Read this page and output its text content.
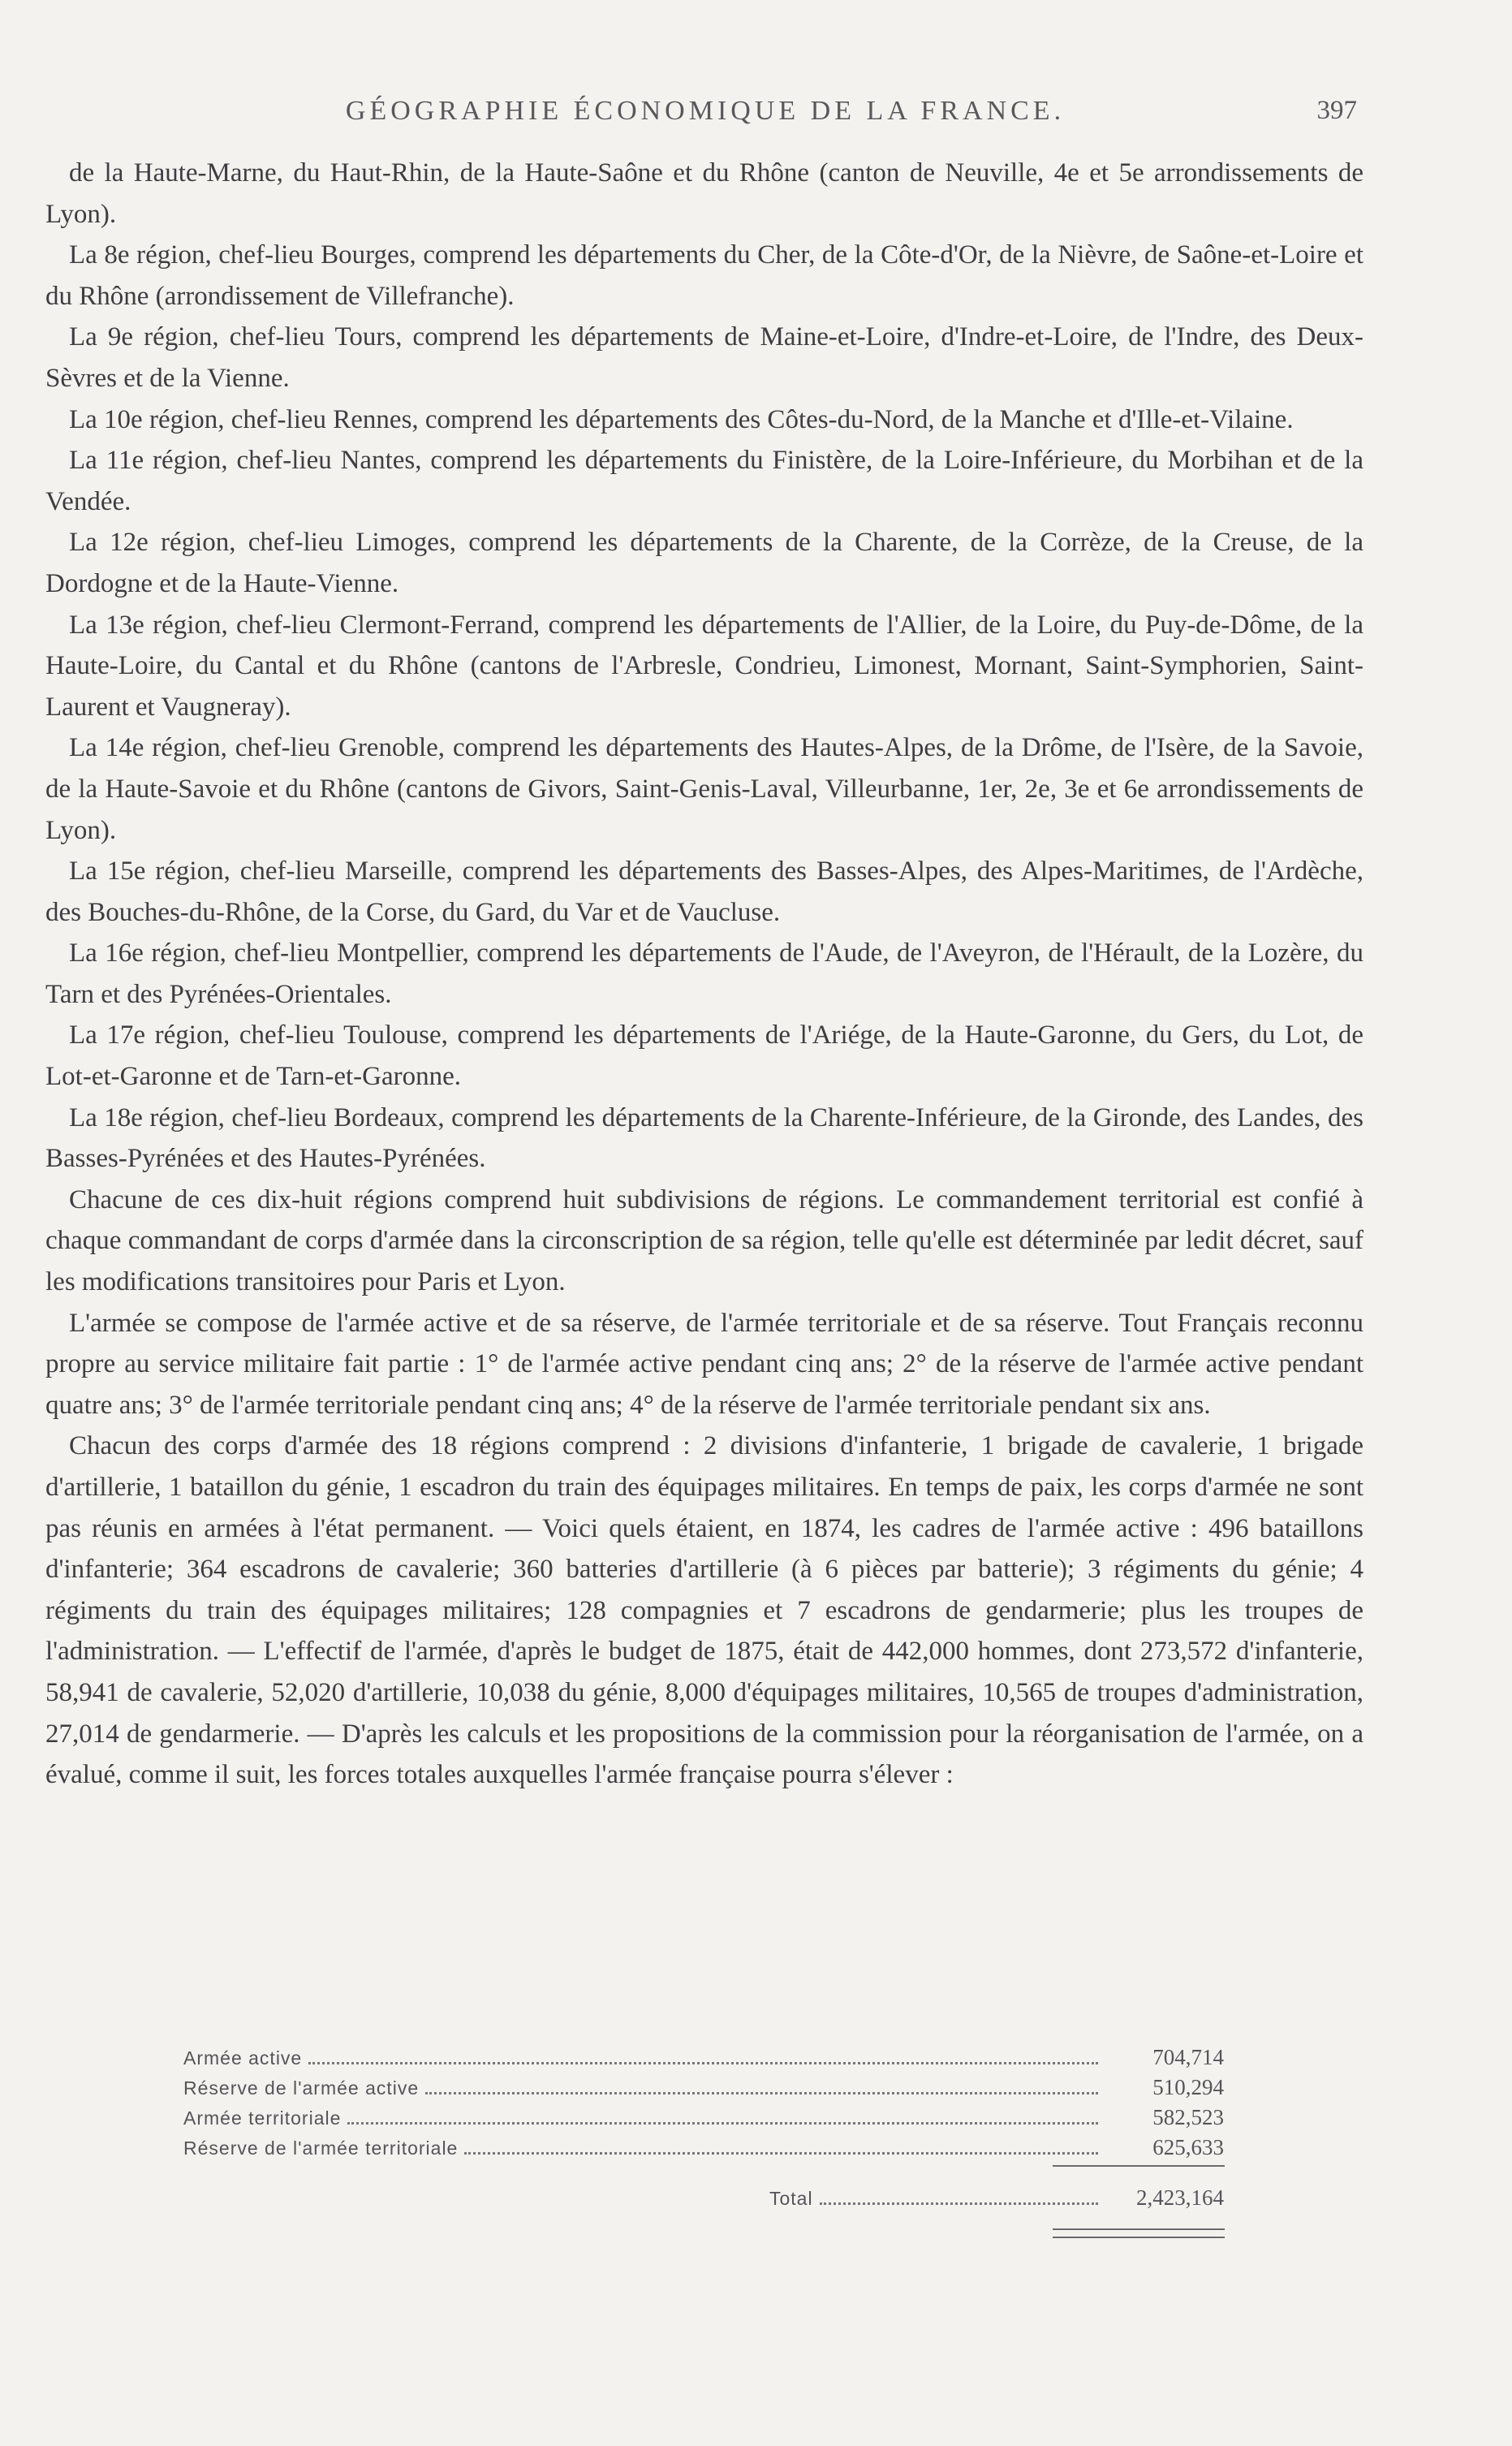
GÉOGRAPHIE ÉCONOMIQUE DE LA FRANCE.	397

de la Haute-Marne, du Haut-Rhin, de la Haute-Saône et du Rhône (canton de Neuville, 4e et 5e arrondissements de Lyon).

La 8e région, chef-lieu Bourges, comprend les départements du Cher, de la Côte-d'Or, de la Nièvre, de Saône-et-Loire et du Rhône (arrondissement de Villefranche).

La 9e région, chef-lieu Tours, comprend les départements de Maine-et-Loire, d'Indre-et-Loire, de l'Indre, des Deux-Sèvres et de la Vienne.

La 10e région, chef-lieu Rennes, comprend les départements des Côtes-du-Nord, de la Manche et d'Ille-et-Vilaine.

La 11e région, chef-lieu Nantes, comprend les départements du Finistère, de la Loire-Inférieure, du Morbihan et de la Vendée.

La 12e région, chef-lieu Limoges, comprend les départements de la Charente, de la Corrèze, de la Creuse, de la Dordogne et de la Haute-Vienne.

La 13e région, chef-lieu Clermont-Ferrand, comprend les départements de l'Allier, de la Loire, du Puy-de-Dôme, de la Haute-Loire, du Cantal et du Rhône (cantons de l'Arbresle, Condrieu, Limonest, Mornant, Saint-Symphorien, Saint-Laurent et Vaugneray).

La 14e région, chef-lieu Grenoble, comprend les départements des Hautes-Alpes, de la Drôme, de l'Isère, de la Savoie, de la Haute-Savoie et du Rhône (cantons de Givors, Saint-Genis-Laval, Villeurbanne, 1er, 2e, 3e et 6e arrondissements de Lyon).

La 15e région, chef-lieu Marseille, comprend les départements des Basses-Alpes, des Alpes-Maritimes, de l'Ardèche, des Bouches-du-Rhône, de la Corse, du Gard, du Var et de Vaucluse.

La 16e région, chef-lieu Montpellier, comprend les départements de l'Aude, de l'Aveyron, de l'Hérault, de la Lozère, du Tarn et des Pyrénées-Orientales.

La 17e région, chef-lieu Toulouse, comprend les départements de l'Ariége, de la Haute-Garonne, du Gers, du Lot, de Lot-et-Garonne et de Tarn-et-Garonne.

La 18e région, chef-lieu Bordeaux, comprend les départements de la Charente-Inférieure, de la Gironde, des Landes, des Basses-Pyrénées et des Hautes-Pyrénées.

Chacune de ces dix-huit régions comprend huit subdivisions de régions. Le commandement territorial est confié à chaque commandant de corps d'armée dans la circonscription de sa région, telle qu'elle est déterminée par ledit décret, sauf les modifications transitoires pour Paris et Lyon.

L'armée se compose de l'armée active et de sa réserve, de l'armée territoriale et de sa réserve. Tout Français reconnu propre au service militaire fait partie : 1° de l'armée active pendant cinq ans; 2° de la réserve de l'armée active pendant quatre ans; 3° de l'armée territoriale pendant cinq ans; 4° de la réserve de l'armée territoriale pendant six ans.

Chacun des corps d'armée des 18 régions comprend : 2 divisions d'infanterie, 1 brigade de cavalerie, 1 brigade d'artillerie, 1 bataillon du génie, 1 escadron du train des équipages militaires. En temps de paix, les corps d'armée ne sont pas réunis en armées à l'état permanent. — Voici quels étaient, en 1874, les cadres de l'armée active : 496 bataillons d'infanterie; 364 escadrons de cavalerie; 360 batteries d'artillerie (à 6 pièces par batterie); 3 régiments du génie; 4 régiments du train des équipages militaires; 128 compagnies et 7 escadrons de gendarmerie; plus les troupes de l'administration. — L'effectif de l'armée, d'après le budget de 1875, était de 442,000 hommes, dont 273,572 d'infanterie, 58,941 de cavalerie, 52,020 d'artillerie, 10,038 du génie, 8,000 d'équipages militaires, 10,565 de troupes d'administration, 27,014 de gendarmerie. — D'après les calculs et les propositions de la commission pour la réorganisation de l'armée, on a évalué, comme il suit, les forces totales auxquelles l'armée française pourra s'élever :

Armée active	704,714
Réserve de l'armée active	510,294
Armée territoriale	582,523
Réserve de l'armée territoriale	625,633
Total	2,423,164
